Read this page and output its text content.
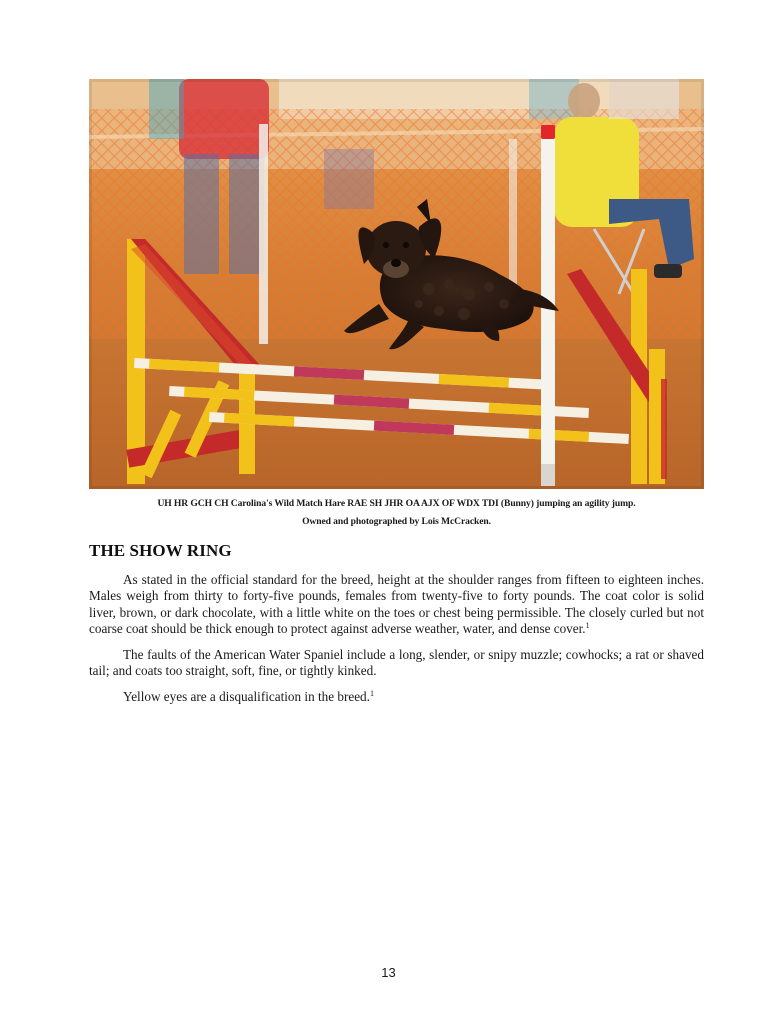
UH HR GCH CH Carolina's Wild Match Hare RAE SH JHR OA AJX OF WDX TDI (Bunny) jumping an agility jump.
Owned and photographed by Lois McCracken.
THE SHOW RING

As stated in the official standard for the breed, height at the shoulder ranges from fifteen to eighteen inches. Males weigh from thirty to forty-five pounds, females from twenty-five to forty pounds. The coat color is solid liver, brown, or dark chocolate, with a little white on the toes or chest being permissible. The closely curled but not coarse coat should be thick enough to protect against adverse weather, water, and dense cover.$^1$

The faults of the American Water Spaniel include a long, slender, or snipy muzzle; cowhocks; a rat or shaved tail; and coats too straight, soft, fine, or tightly kinked.

Yellow eyes are a disqualification in the breed.$^1$

13
